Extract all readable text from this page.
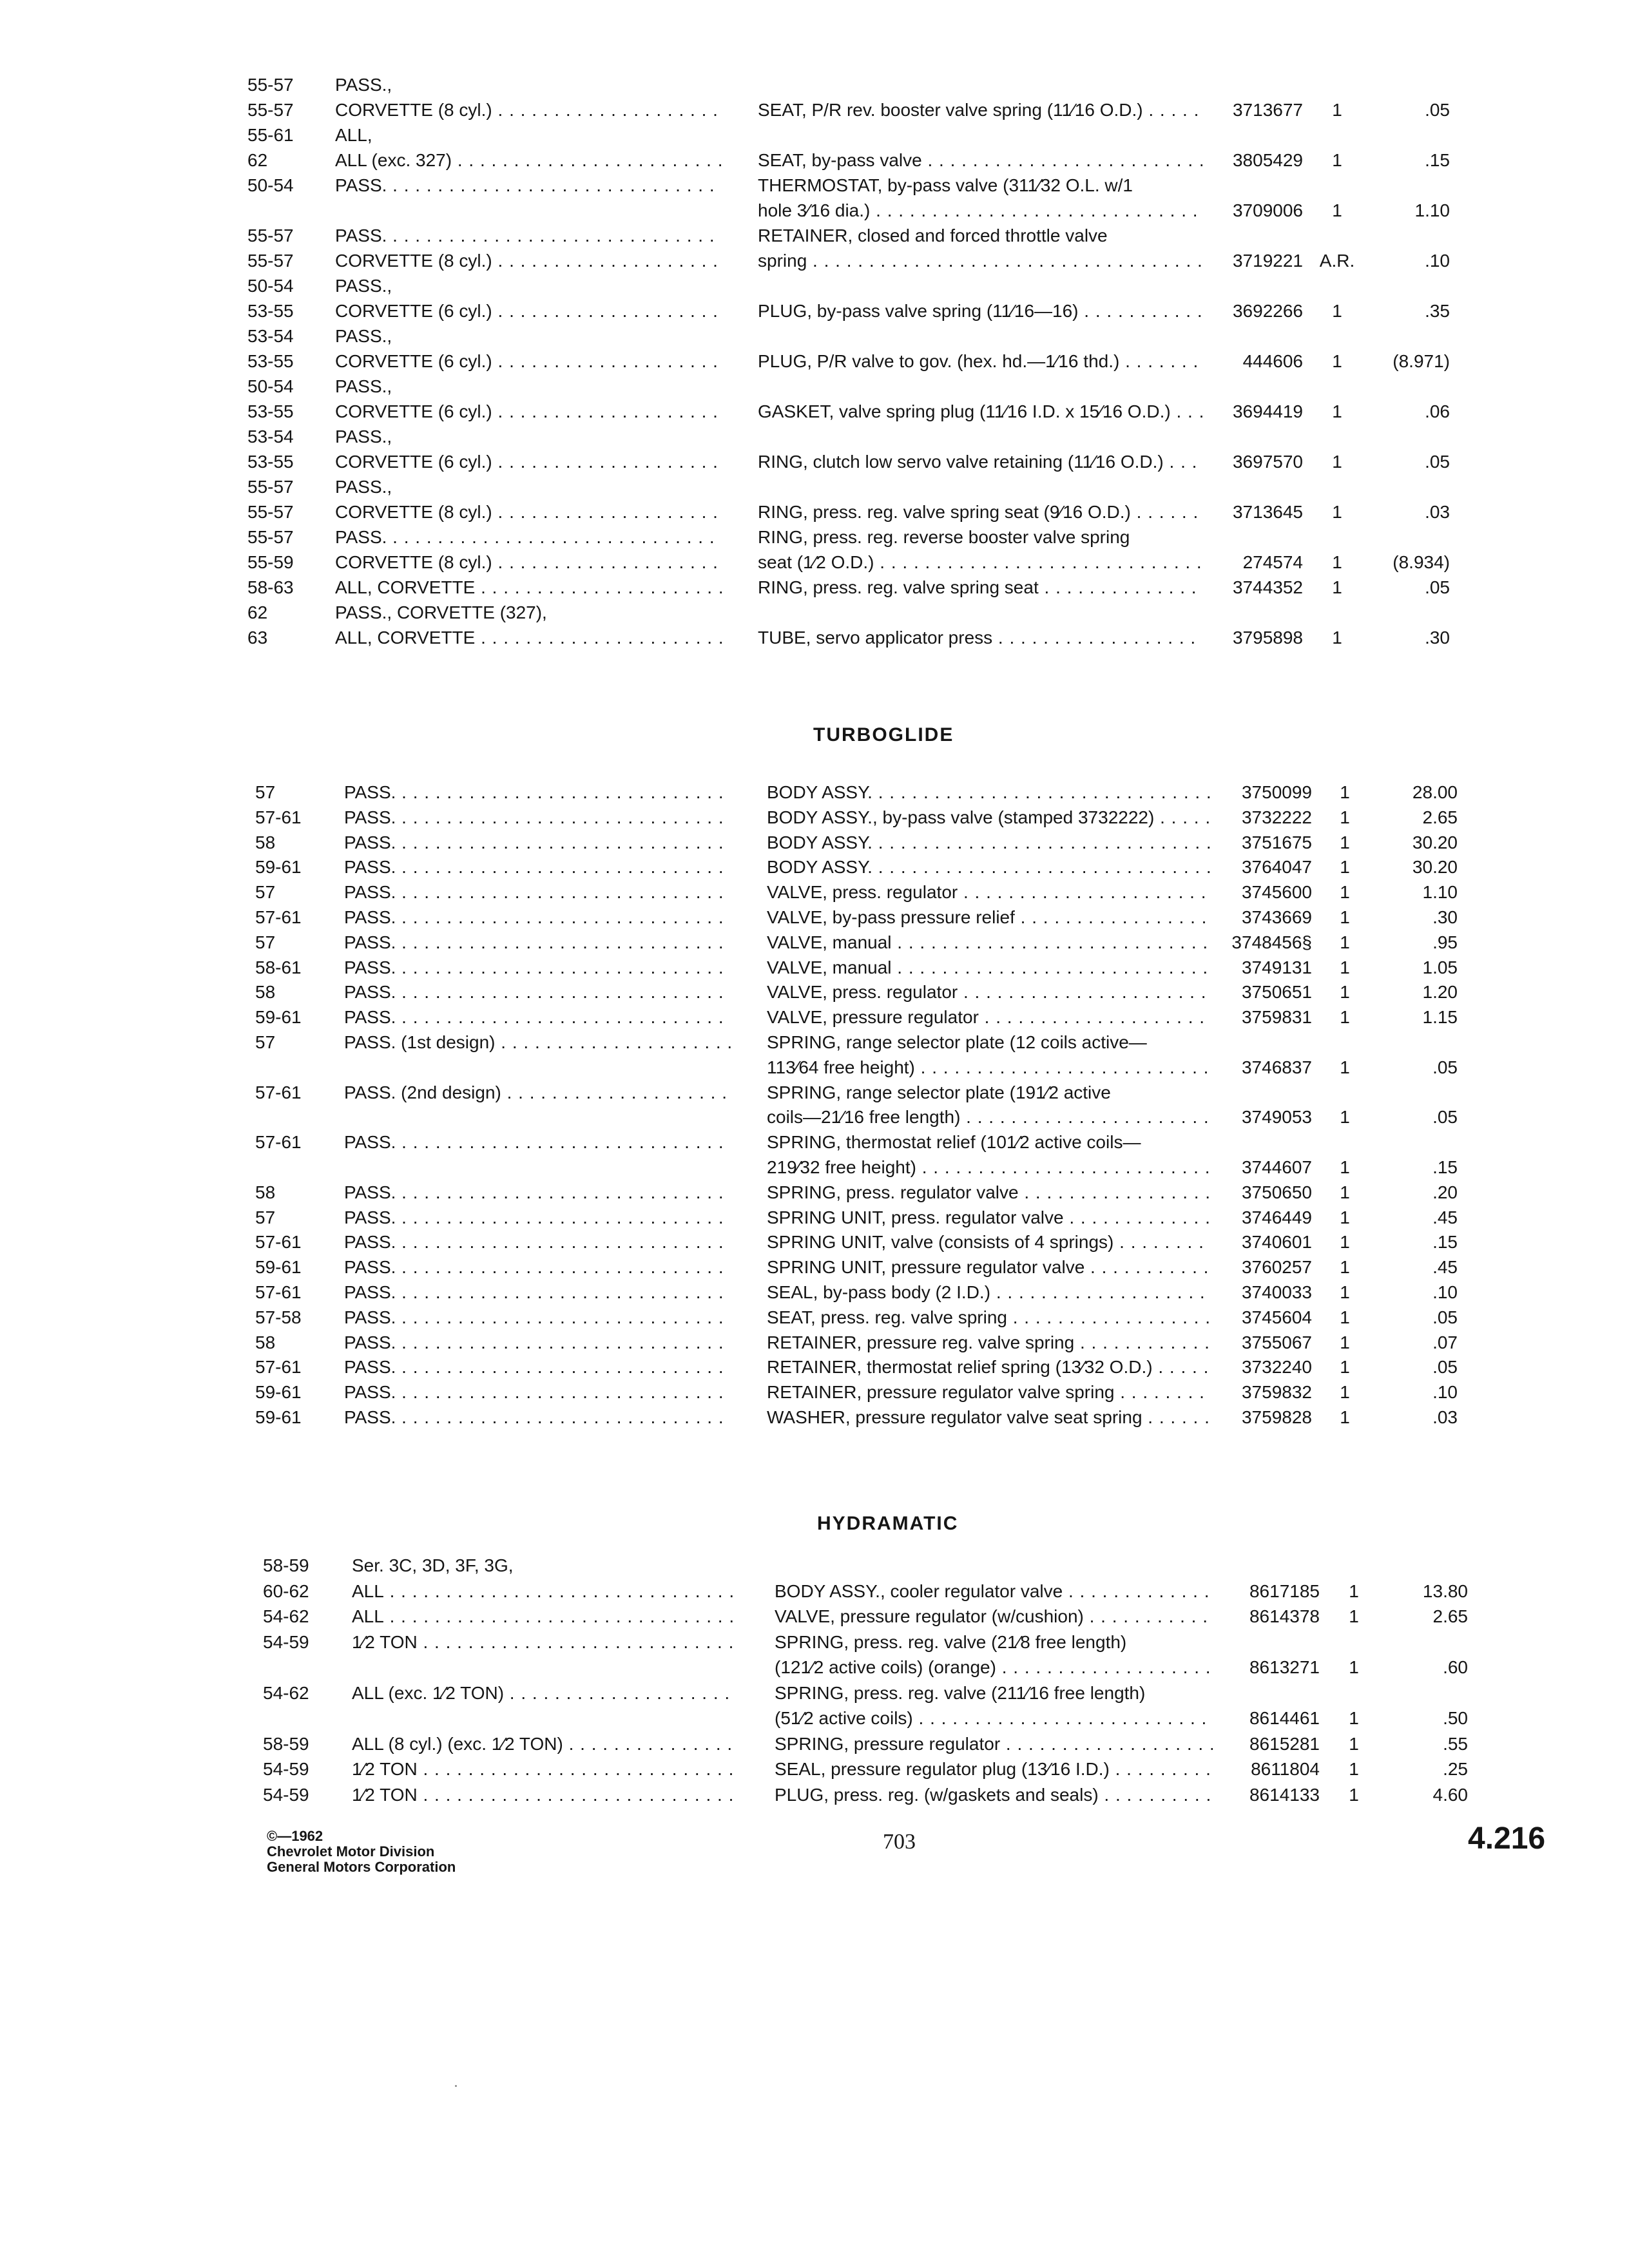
55-57 PASS.,
55-57 CORVETTE (8 cyl.) . . .	SEAT, P/R rev. booster valve spring (11⁄16 O.D.) . . .	3713677	1	.05
55-61 ALL,
62	ALL (exc. 327) . . .	SEAT, by-pass valve . . .	3805429	1	.15
50-54 PASS. . . .	THERMOSTAT, by-pass valve (311⁄32 O.L. w/1
hole 3⁄16 dia.) . . .	3709006	1	1.10
55-57 PASS. . . .	RETAINER, closed and forced throttle valve
55-57 CORVETTE (8 cyl.) . . .	spring . . .	3719221 A.R.	.10
50-54 PASS.,
53-55 CORVETTE (6 cyl.) . . .	PLUG, by-pass valve spring (11⁄16—16) . . .	3692266	1	.35
53-54 PASS.,
53-55 CORVETTE (6 cyl.) . . .	PLUG, P/R valve to gov. (hex. hd.—1⁄16 thd.) . . .	444606	1	(8.971)
50-54 PASS.,
53-55 CORVETTE (6 cyl.) . . .	GASKET, valve spring plug (11⁄16 I.D. x 15⁄16 O.D.) . . .	3694419	1	.06
53-54 PASS.,
53-55 CORVETTE (6 cyl.) . . .	RING, clutch low servo valve retaining (11⁄16 O.D.) . . .	3697570	1	.05
55-57 PASS.,
55-57 CORVETTE (8 cyl.) . . .	RING, press. reg. valve spring seat (9⁄16 O.D.) . . .	3713645	1	.03
55-57 PASS. . . .	RING, press. reg. reverse booster valve spring
55-59 CORVETTE (8 cyl.) . . .	seat (1⁄2 O.D.) . . .	274574	1	(8.934)
58-63 ALL, CORVETTE . . .	RING, press. reg. valve spring seat . . .	3744352	1	.05
62	PASS., CORVETTE (327),
63	ALL, CORVETTE . . .	TUBE, servo applicator press . . .	3795898	1	.30
TURBOGLIDE
57	PASS. . . .	BODY ASSY. . . .	3750099	1	28.00
57-61 PASS. . . .	BODY ASSY., by-pass valve (stamped 3732222) . . .	3732222	1	2.65
58	PASS. . . .	BODY ASSY. . . .	3751675	1	30.20
59-61 PASS. . . .	BODY ASSY. . . .	3764047	1	30.20
57	PASS. . . .	VALVE, press. regulator . . .	3745600	1	1.10
57-61 PASS. . . .	VALVE, by-pass pressure relief . . .	3743669	1	.30
57	PASS. . . .	VALVE, manual . . .	3748456§	1	.95
58-61 PASS. . . .	VALVE, manual . . .	3749131	1	1.05
58	PASS. . . .	VALVE, press. regulator . . .	3750651	1	1.20
59-61 PASS. . . .	VALVE, pressure regulator . . .	3759831	1	1.15
57	PASS. (1st design) . . .	SPRING, range selector plate (12 coils active—
113⁄64 free height) . . .	3746837	1	.05
57-61 PASS. (2nd design) . . .	SPRING, range selector plate (191⁄2 active
coils—21⁄16 free length) . . .	3749053	1	.05
57-61 PASS. . . .	SPRING, thermostat relief (101⁄2 active coils—
219⁄32 free height) . . .	3744607	1	.15
58	PASS. . . .	SPRING, press. regulator valve . . .	3750650	1	.20
57	PASS. . . .	SPRING UNIT, press. regulator valve . . .	3746449	1	.45
57-61 PASS. . . .	SPRING UNIT, valve (consists of 4 springs) . . .	3740601	1	.15
59-61 PASS. . . .	SPRING UNIT, pressure regulator valve . . .	3760257	1	.45
57-61 PASS. . . .	SEAL, by-pass body (2 I.D.) . . .	3740033	1	.10
57-58 PASS. . . .	SEAT, press. reg. valve spring . . .	3745604	1	.05
58	PASS. . . .	RETAINER, pressure reg. valve spring . . .	3755067	1	.07
57-61 PASS. . . .	RETAINER, thermostat relief spring (13⁄32 O.D.) . . .	3732240	1	.05
59-61 PASS. . . .	RETAINER, pressure regulator valve spring . . .	3759832	1	.10
59-61 PASS. . . .	WASHER, pressure regulator valve seat spring . . .	3759828	1	.03
HYDRAMATIC
58-59 Ser. 3C, 3D, 3F, 3G,
60-62 ALL . . .	BODY ASSY., cooler regulator valve . . .	8617185	1	13.80
54-62 ALL . . .	VALVE, pressure regulator (w/cushion) . . .	8614378	1	2.65
54-59 1⁄2 TON . . .	SPRING, press. reg. valve (21⁄8 free length)
(121⁄2 active coils) (orange) . . .	8613271	1	.60
54-62 ALL (exc. 1⁄2 TON) . . .	SPRING, press. reg. valve (211⁄16 free length)
(51⁄2 active coils) . . .	8614461	1	.50
58-59 ALL (8 cyl.) (exc. 1⁄2 TON) . . .	SPRING, pressure regulator . . .	8615281	1	.55
54-59 1⁄2 TON . . .	SEAL, pressure regulator plug (13⁄16 I.D.) . . .	8611804	1	.25
54-59 1⁄2 TON . . .	PLUG, press. reg. (w/gaskets and seals) . . .	8614133	1	4.60
©—1962
Chevrolet Motor Division
General Motors Corporation
703	4.216
